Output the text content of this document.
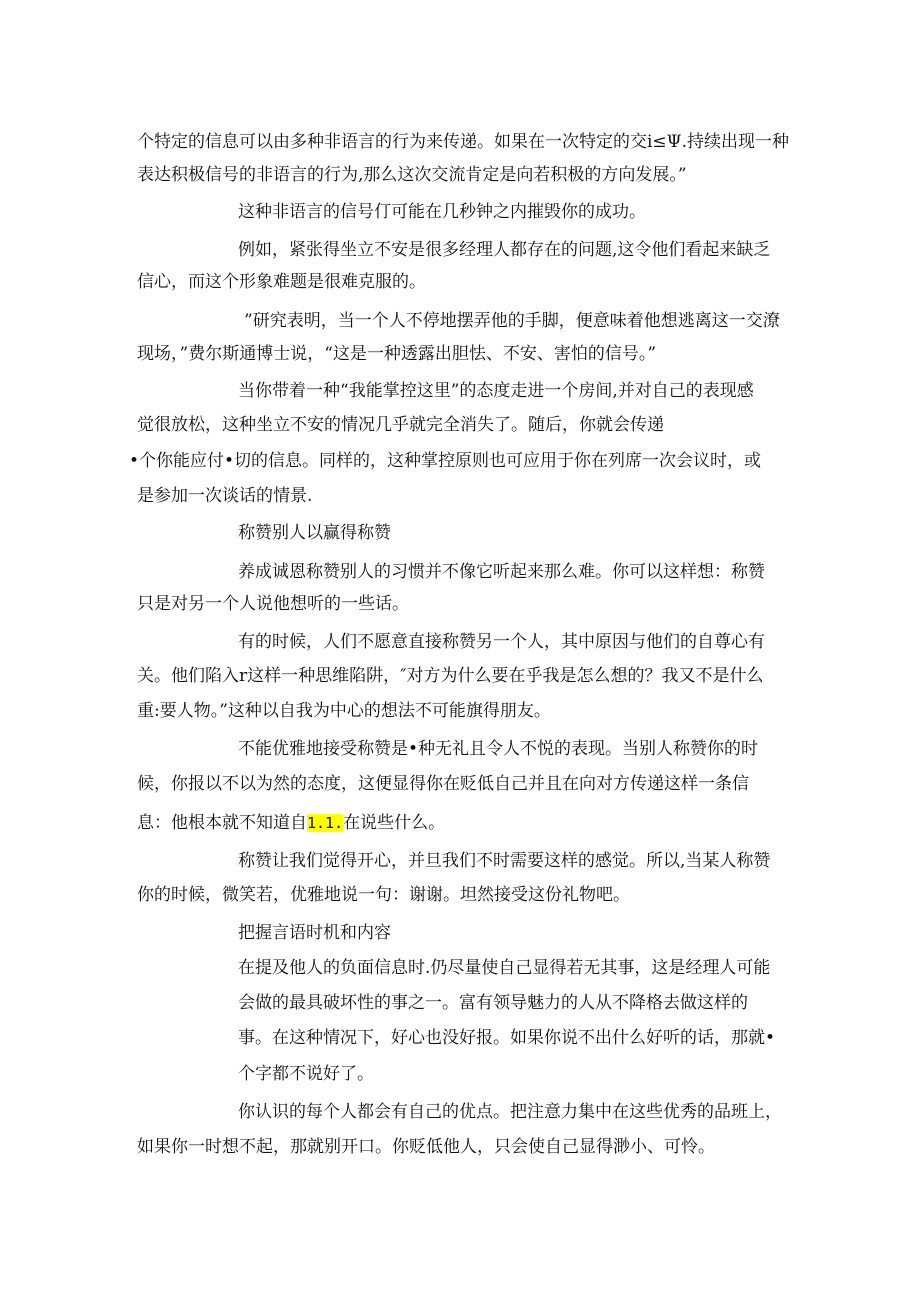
个特定的信息可以由多种非语言的行为来传递。如果在一次特定的交i≤Ψ.持续出现一种
表达积极信号的非语言的行为,那么这次交流肯定是向若积极的方向发展。”
这种非语言的信号仃可能在几秒钟之内摧毁你的成功。
例如，紧张得坐立不安是很多经理人都存在的问题,这令他们看起来缺乏
信心，而这个形象难题是很难克服的。
”研究表明，当一个人不停地摆弄他的手脚，便意味着他想逃离这一交潦
现场，”费尔斯通博士说，“这是一种透露出胆怯、不安、害怕的信号。”
当你带着一种“我能掌控这里”的态度走进一个房间,并对自己的表现感
觉很放松，这种坐立不安的情况几乎就完全消失了。随后，你就会传递
•个你能应付•切的信息。同样的，这种掌控原则也可应用于你在列席一次会议时，或
是参加一次谈话的情景.
称赞别人以赢得称赞
养成诚恩称赞别人的习惯并不像它听起来那么难。你可以这样想：称赞
只是对另一个人说他想听的一些话。
有的时候，人们不愿意直接称赞另一个人，其中原因与他们的自尊心有
关。他们陷入r这样一种思维陷阱，″对方为什么要在乎我是怎么想的？我又不是什么
重:要人物。”这种以自我为中心的想法不可能旗得朋友。
不能优雅地接受称赞是•种无礼且令人不悦的表现。当别人称赞你的时
候，你报以不以为然的态度，这便显得你在贬低自己并且在向对方传递这样一条信
息：他根本就不知道自1.1.在说些什么。
称赞让我们觉得开心，并旦我们不时需要这样的感觉。所以,当某人称赞
你的时候，微笑若，优雅地说一句：谢谢。坦然接受这份礼物吧。
把握言语时机和内容
在提及他人的负面信息时.仍尽量使自己显得若无其事，这是经理人可能
会做的最具破坏性的事之一。富有领导魅力的人从不降格去做这样的
事。在这种情况下，好心也没好报。如果你说不出什么好听的话，那就•
个字都不说好了。
你认识的每个人都会有自己的优点。把注意力集中在这些优秀的品班上，
如果你一时想不起，那就别开口。你贬低他人，只会使自己显得渺小、可怜。
